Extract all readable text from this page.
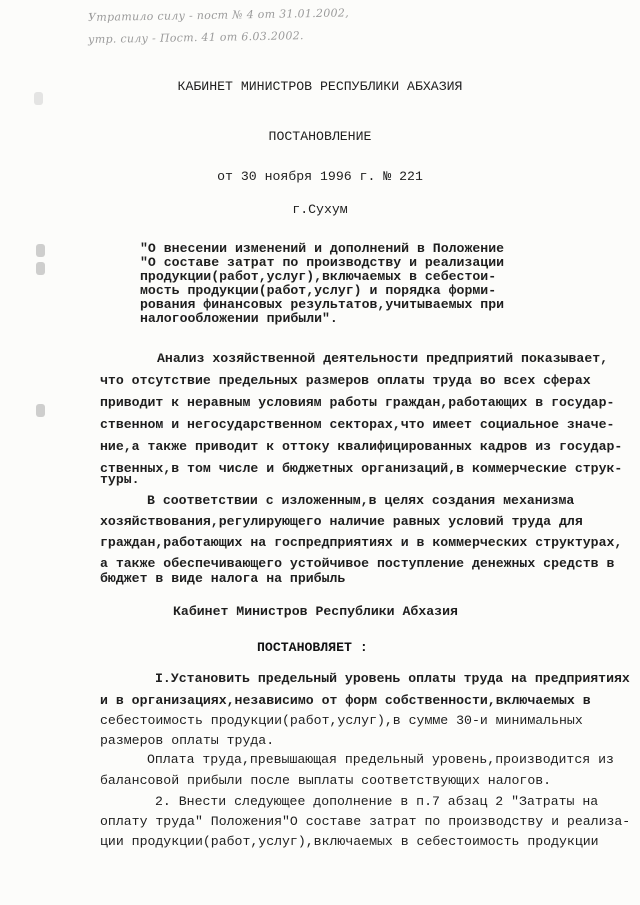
Утратило силу - пост № 4 от 31.01.2002,
утр. силу - Пост. 41 от 6.03.2002.
КАБИНЕТ МИНИСТРОВ РЕСПУБЛИКИ АБХАЗИЯ
ПОСТАНОВЛЕНИЕ
от 30 ноября 1996 г. № 221
г.Сухум
"О внесении изменений и дополнений в Положение
"О составе затрат по производству и реализации
продукции(работ,услуг),включаемых в себестои-
мость продукции(работ,услуг) и порядка форми-
рования финансовых результатов,учитываемых при
налогообложении прибыли".
Анализ хозяйственной деятельности предприятий показывает,
что отсутствие предельных размеров оплаты труда во всех сферах
приводит к неравным условиям работы граждан,работающих в государ-
ственном и негосударственном секторах,что имеет социальное значе-
ние,а также приводит к оттоку квалифицированных кадров из государ-
ственных,в том числе и бюджетных организаций,в коммерческие струк-
туры.
В соответствии с изложенным,в целях создания механизма
хозяйствования,регулирующего наличие равных условий труда для
граждан,работающих на госпредприятиях и в коммерческих структурах,
а также обеспечивающего устойчивое поступление денежных средств в
бюджет в виде налога на прибыль
Кабинет Министров Республики Абхазия
ПОСТАНОВЛЯЕТ :
I.Установить предельный уровень оплаты труда на предприятиях
и в организациях,независимо от форм собственности,включаемых в
себестоимость продукции(работ,услуг),в сумме 30-и минимальных
размеров оплаты труда.
Оплата труда,превышающая предельный уровень,производится из
балансовой прибыли после выплаты соответствующих налогов.
2. Внести следующее дополнение в п.7 абзац 2 "Затраты на
оплату труда" Положения"О составе затрат по производству и реализа-
ции продукции(работ,услуг),включаемых в себестоимость продукции
